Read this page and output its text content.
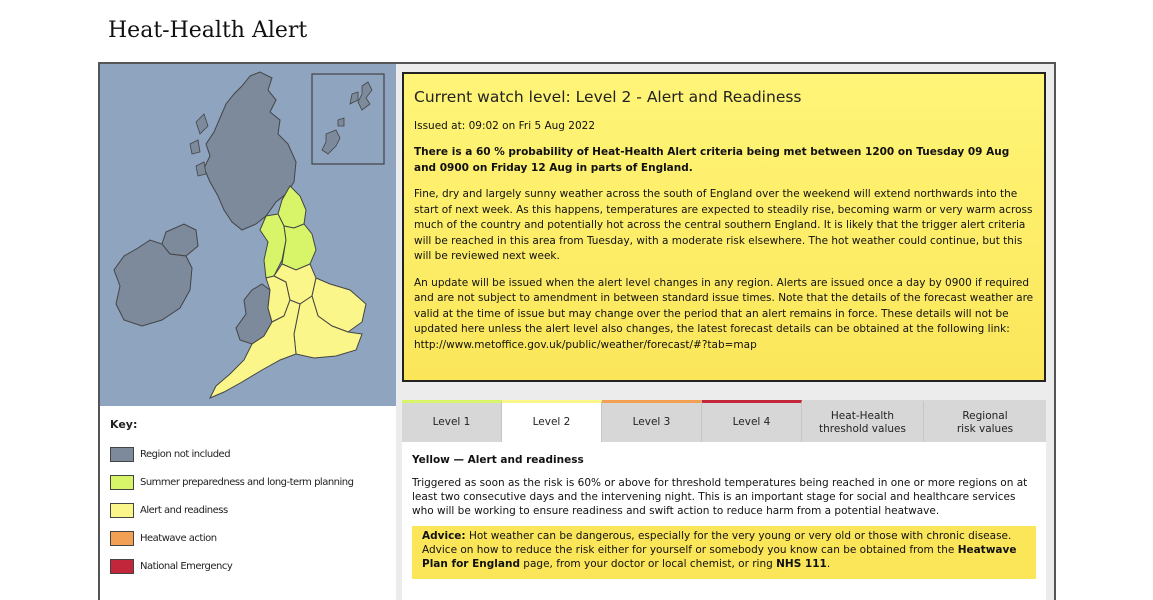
Heat-Health Alert
Key:
Region not included
Summer preparedness and long-term planning
Alert and readiness
Heatwave action
National Emergency
Current watch level: Level 2 - Alert and Readiness
Issued at: 09:02 on Fri 5 Aug 2022
There is a 60 % probability of Heat-Health Alert criteria being met between 1200 on Tuesday 09 Aug and 0900 on Friday 12 Aug in parts of England.
Fine, dry and largely sunny weather across the south of England over the weekend will extend northwards into the start of next week. As this happens, temperatures are expected to steadily rise, becoming warm or very warm across much of the country and potentially hot across the central southern England. It is likely that the trigger alert criteria will be reached in this area from Tuesday, with a moderate risk elsewhere. The hot weather could continue, but this will be reviewed next week.
An update will be issued when the alert level changes in any region. Alerts are issued once a day by 0900 if required and are not subject to amendment in between standard issue times. Note that the details of the forecast weather are valid at the time of issue but may change over the period that an alert remains in force. These details will not be updated here unless the alert level also changes, the latest forecast details can be obtained at the following link: http://www.metoffice.gov.uk/public/weather/forecast/#?tab=map
Level 1	Level 2	Level 3	Level 4
Heat-Health threshold values
Regional risk values
Yellow — Alert and readiness
Triggered as soon as the risk is 60% or above for threshold temperatures being reached in one or more regions on at least two consecutive days and the intervening night. This is an important stage for social and healthcare services who will be working to ensure readiness and swift action to reduce harm from a potential heatwave.
Advice: Hot weather can be dangerous, especially for the very young or very old or those with chronic disease. Advice on how to reduce the risk either for yourself or somebody you know can be obtained from the Heatwave Plan for England page, from your doctor or local chemist, or ring NHS 111.
